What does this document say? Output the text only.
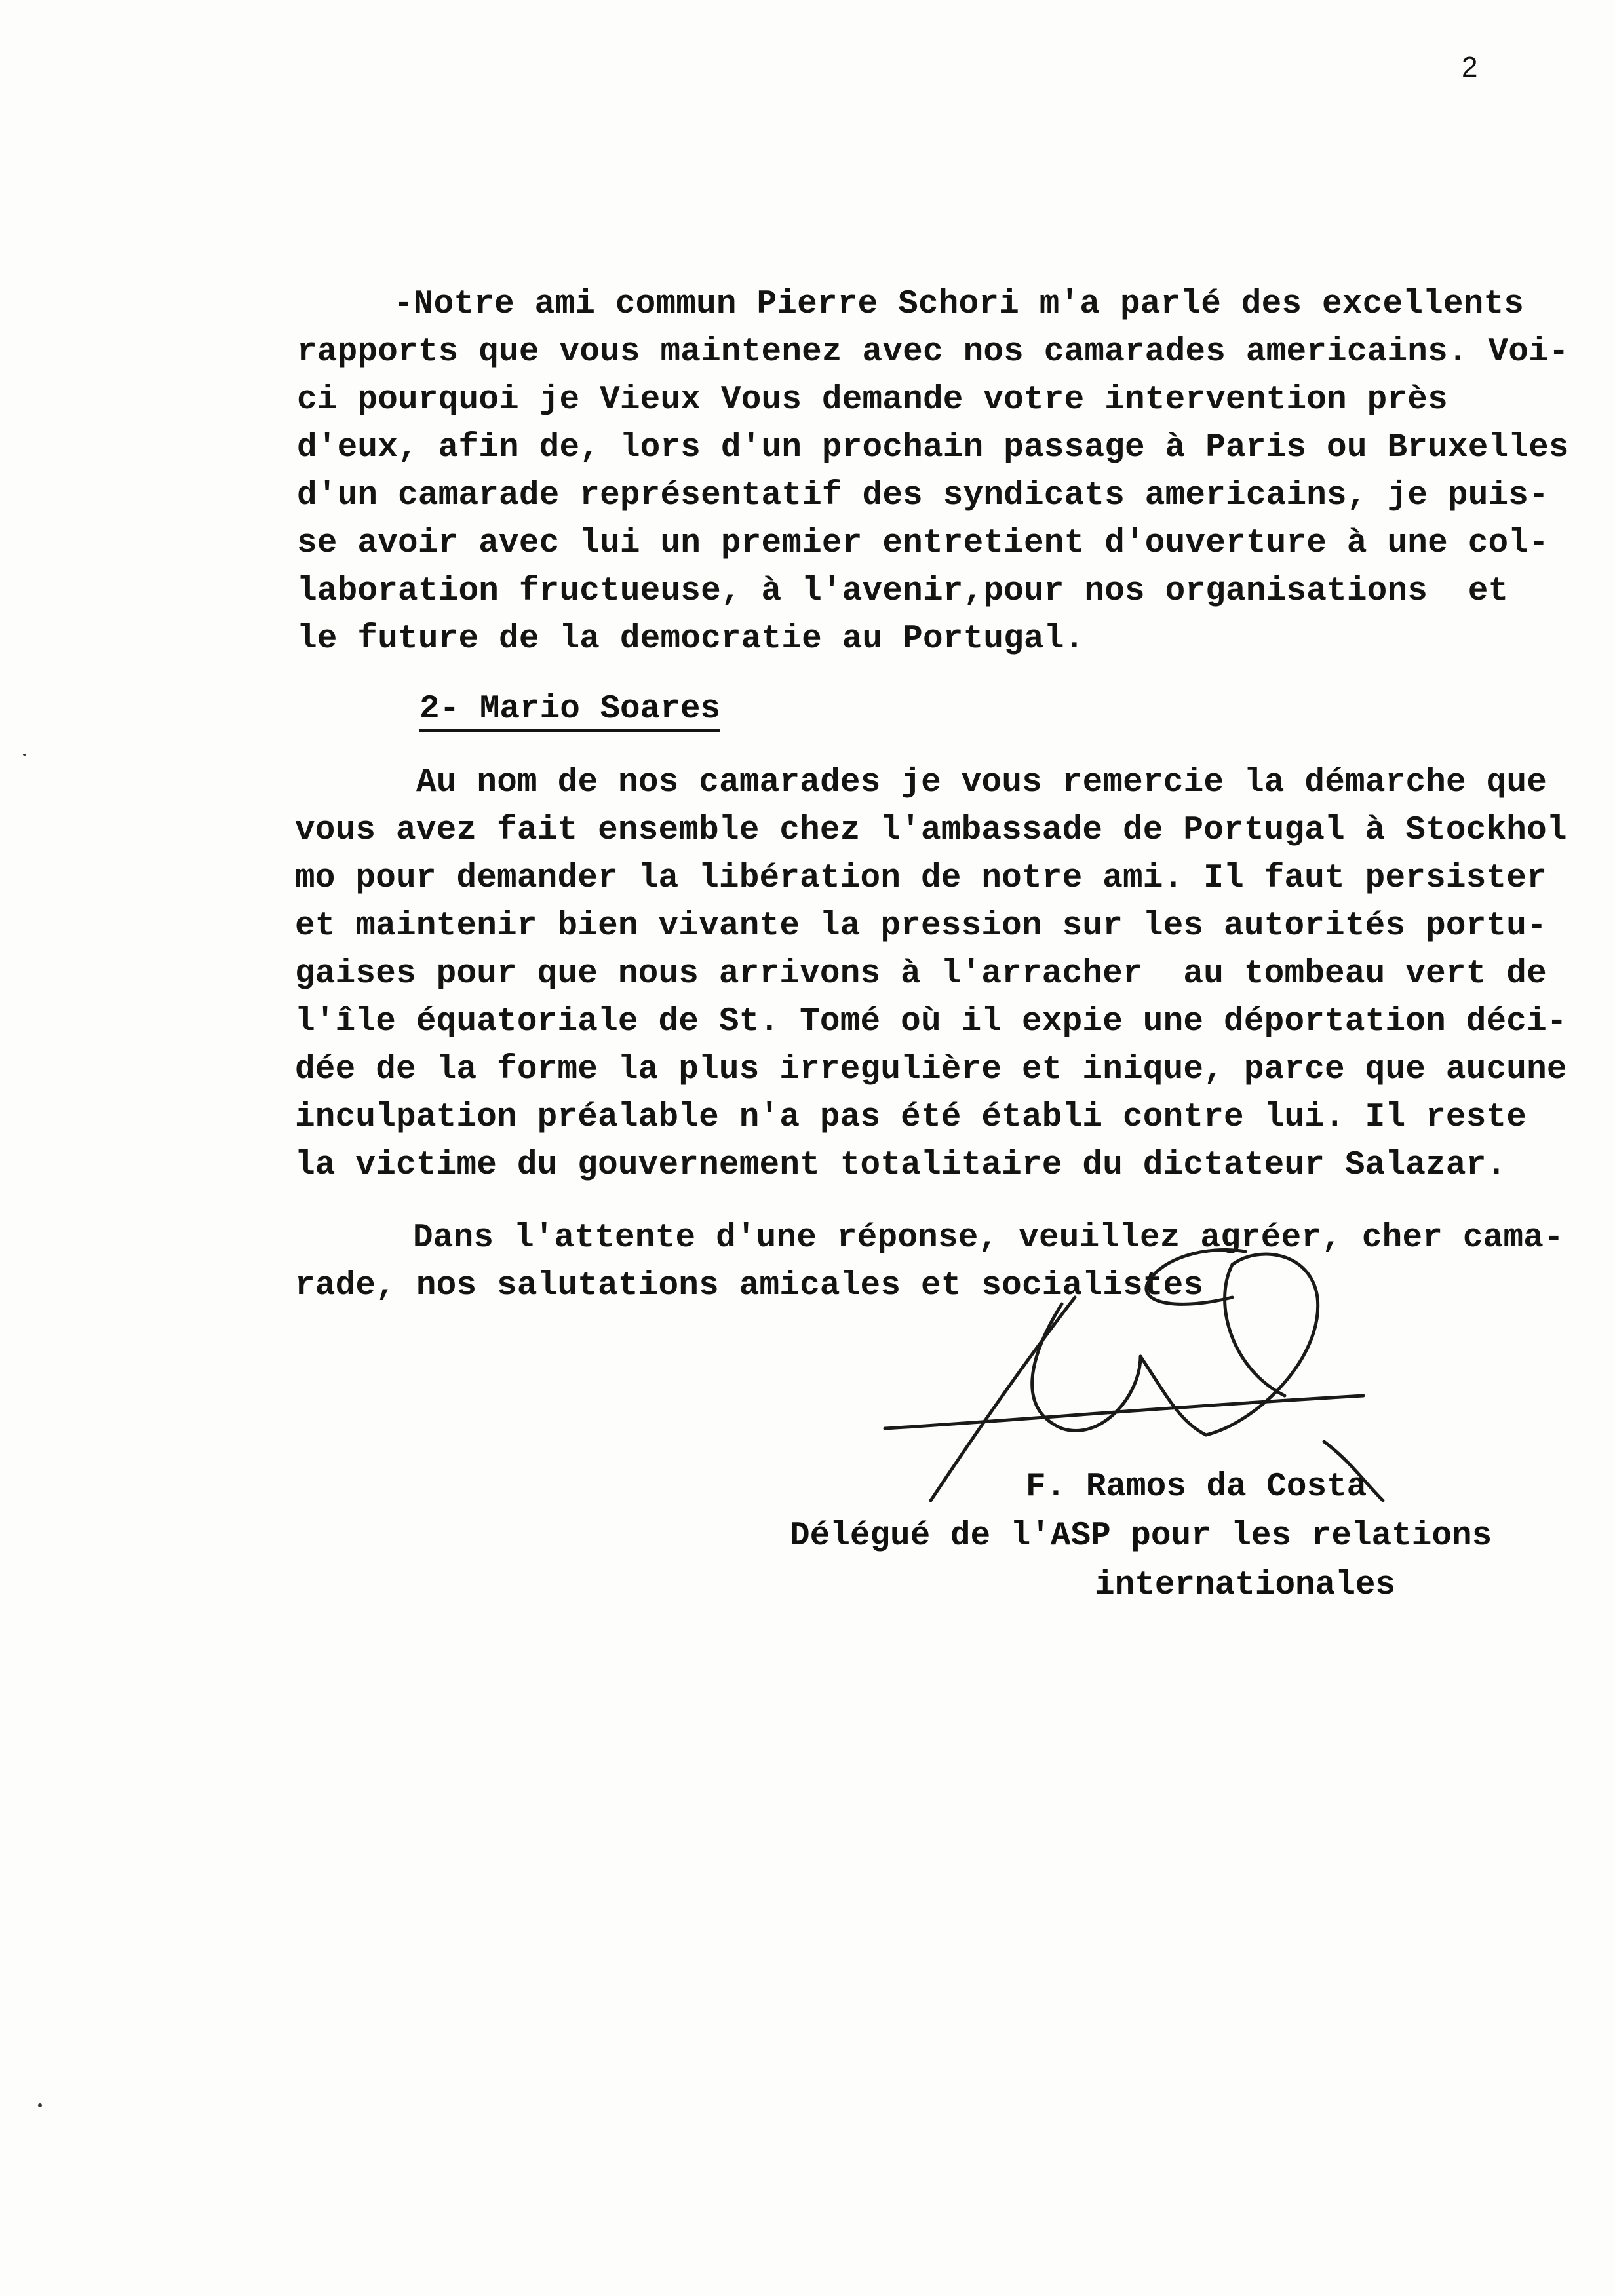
2
-Notre ami commun Pierre Schori m'a parlé des excellents
rapports que vous maintenez avec nos camarades americains. Voi-
ci pourquoi je Vieux Vous demande votre intervention près
d'eux, afin de, lors d'un prochain passage à Paris ou Bruxelles
d'un camarade représentatif des syndicats americains, je puis-
se avoir avec lui un premier entretient d'ouverture à une col-
laboration fructueuse, à l'avenir,pour nos organisations  et
le future de la democratie au Portugal.
2- Mario Soares
Au nom de nos camarades je vous remercie la démarche que
vous avez fait ensemble chez l'ambassade de Portugal à Stockhol
mo pour demander la libération de notre ami. Il faut persister
et maintenir bien vivante la pression sur les autorités portu-
gaises pour que nous arrivons à l'arracher  au tombeau vert de
l'île équatoriale de St. Tomé où il expie une déportation déci-
dée de la forme la plus irregulière et inique, parce que aucune
inculpation préalable n'a pas été établi contre lui. Il reste
la victime du gouvernement totalitaire du dictateur Salazar.
Dans l'attente d'une réponse, veuillez agréer, cher cama-
rade, nos salutations amicales et socialistes
F. Ramos da Costa
Délégué de l'ASP pour les relations
internationales
